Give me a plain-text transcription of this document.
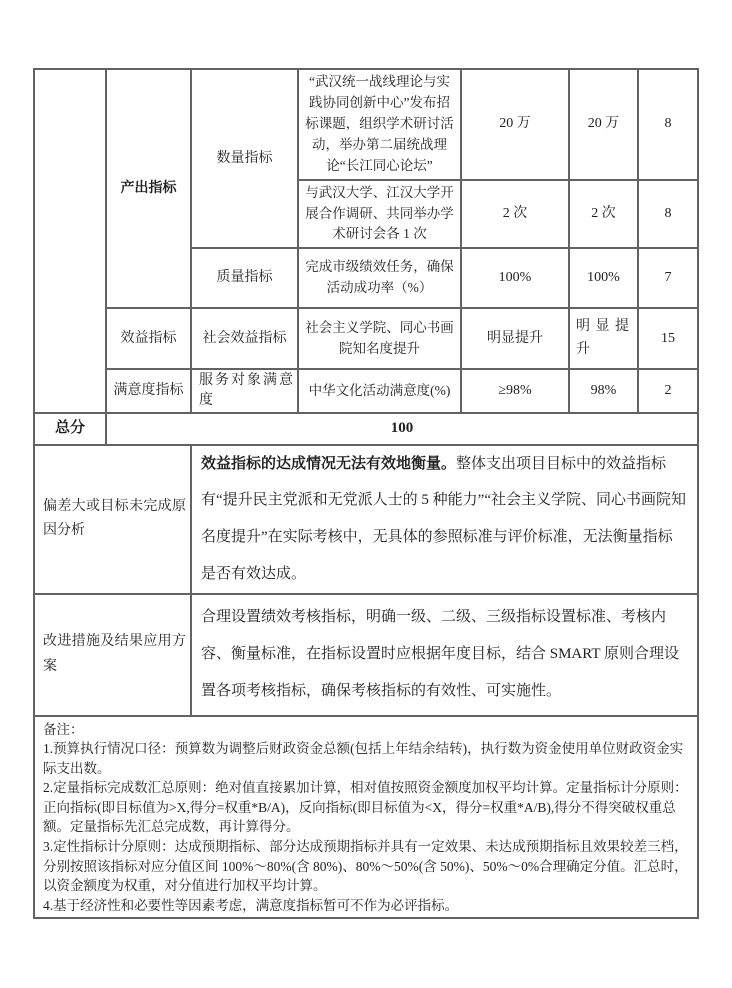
	产出指标	数量指标	“武汉统一战线理论与实践协同创新中心”发布招标课题，组织学术研讨活动，举办第二届统战理论“长江同心论坛”	20 万	20 万	8
			与武汉大学、江汉大学开展合作调研、共同举办学术研讨会各 1 次	2 次	2 次	8
		质量指标	完成市级绩效任务，确保活动成功率（%）	100%	100%	7
	效益指标	社会效益指标	社会主义学院、同心书画院知名度提升	明显提升	明显提升	15
	满意度指标	服务对象满意度	中华文化活动满意度(%)	≥98%	98%	2
总分	100					
偏差大或目标未完成原因分析		效益指标的达成情况无法有效地衡量。整体支出项目目标中的效益指标有“提升民主党派和无党派人士的 5 种能力”“社会主义学院、同心书画院知名度提升”在实际考核中，无具体的参照标准与评价标准，无法衡量指标是否有效达成。				
改进措施及结果应用方案		合理设置绩效考核指标，明确一级、二级、三级指标设置标准、考核内容、衡量标准，在指标设置时应根据年度目标，结合 SMART 原则合理设置各项考核指标，确保考核指标的有效性、可实施性。				

备注：
1.预算执行情况口径：预算数为调整后财政资金总额(包括上年结余结转)，执行数为资金使用单位财政资金实际支出数。
2.定量指标完成数汇总原则：绝对值直接累加计算，相对值按照资金额度加权平均计算。定量指标计分原则：正向指标(即目标值为>X,得分=权重*B/A)，反向指标(即目标值为<X，得分=权重*A/B),得分不得突破权重总额。定量指标先汇总完成数，再计算得分。
3.定性指标计分原则：达成预期指标、部分达成预期指标并具有一定效果、未达成预期指标且效果较差三档，分别按照该指标对应分值区间 100%～80%(含 80%)、80%～50%(含 50%)、50%～0%合理确定分值。汇总时，以资金额度为权重，对分值进行加权平均计算。
4.基于经济性和必要性等因素考虑，满意度指标暂可不作为必评指标。						
